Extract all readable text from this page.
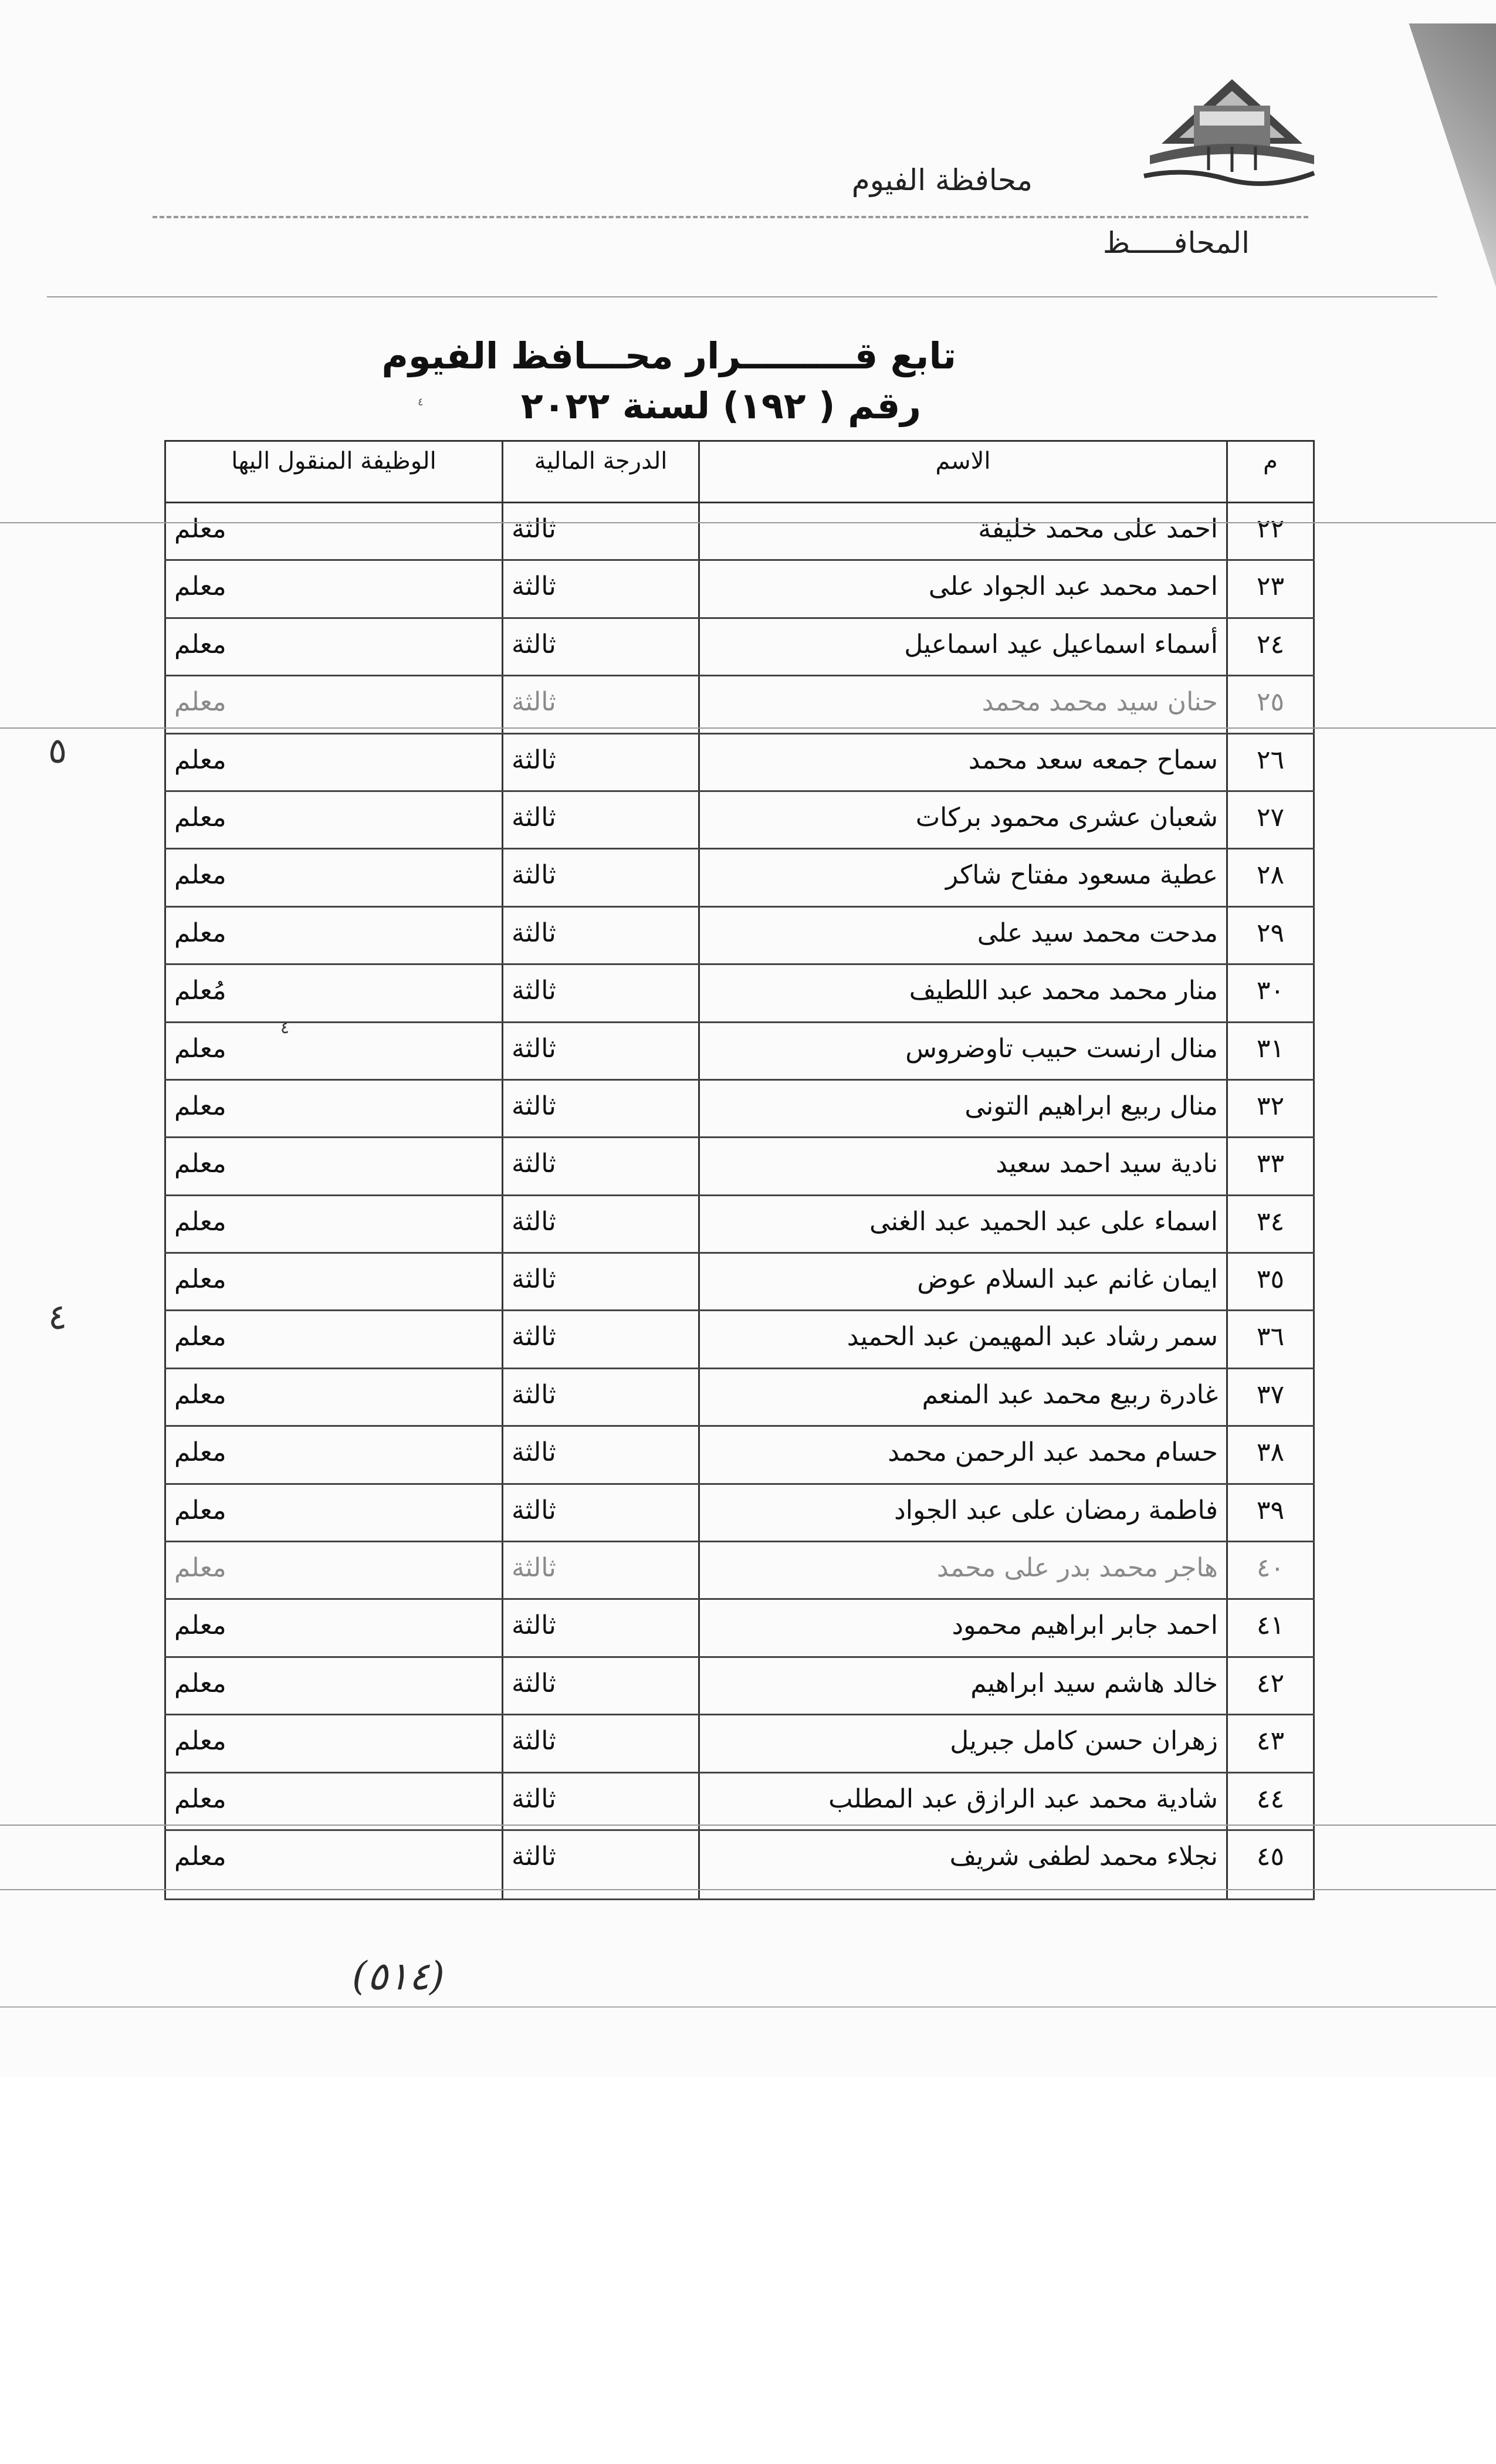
محافظة الفيوم
المحافـــــظ
تابع قـــــــــرار محـــافظ الفيوم
رقم ( ١٩٢) لسنة ٢٠٢٢
٤
م	الاسم	الدرجة المالية	الوظيفة المنقول اليها
٢٢	احمد على محمد خليفة	ثالثة	معلم
٢٣	احمد محمد عبد الجواد على	ثالثة	معلم
٢٤	أسماء اسماعيل عيد اسماعيل	ثالثة	معلم
٢٥	حنان سيد محمد محمد	ثالثة	معلم
٢٦	سماح جمعه سعد محمد	ثالثة	معلم
٢٧	شعبان عشرى محمود بركات	ثالثة	معلم
٢٨	عطية مسعود مفتاح شاكر	ثالثة	معلم
٢٩	مدحت محمد سيد على	ثالثة	معلم
٣٠	منار محمد محمد عبد اللطيف	ثالثة	مُعلم
٣١	منال ارنست حبيب تاوضروس	ثالثة	معلم
٣٢	منال ربيع ابراهيم التونى	ثالثة	معلم
٣٣	نادية سيد احمد سعيد	ثالثة	معلم
٣٤	اسماء على عبد الحميد عبد الغنى	ثالثة	معلم
٣٥	ايمان غانم عبد السلام عوض	ثالثة	معلم
٣٦	سمر رشاد عبد المهيمن عبد الحميد	ثالثة	معلم
٣٧	غادرة ربيع محمد عبد المنعم	ثالثة	معلم
٣٨	حسام محمد عبد الرحمن محمد	ثالثة	معلم
٣٩	فاطمة رمضان على عبد الجواد	ثالثة	معلم
٤٠	هاجر محمد بدر على محمد	ثالثة	معلم
٤١	احمد جابر ابراهيم محمود	ثالثة	معلم
٤٢	خالد هاشم سيد ابراهيم	ثالثة	معلم
٤٣	زهران حسن كامل جبريل	ثالثة	معلم
٤٤	شادية محمد عبد الرازق عبد المطلب	ثالثة	معلم
٤٥	نجلاء محمد لطفى شريف	ثالثة	معلم
٥
٤
٤
(٥١٤)
